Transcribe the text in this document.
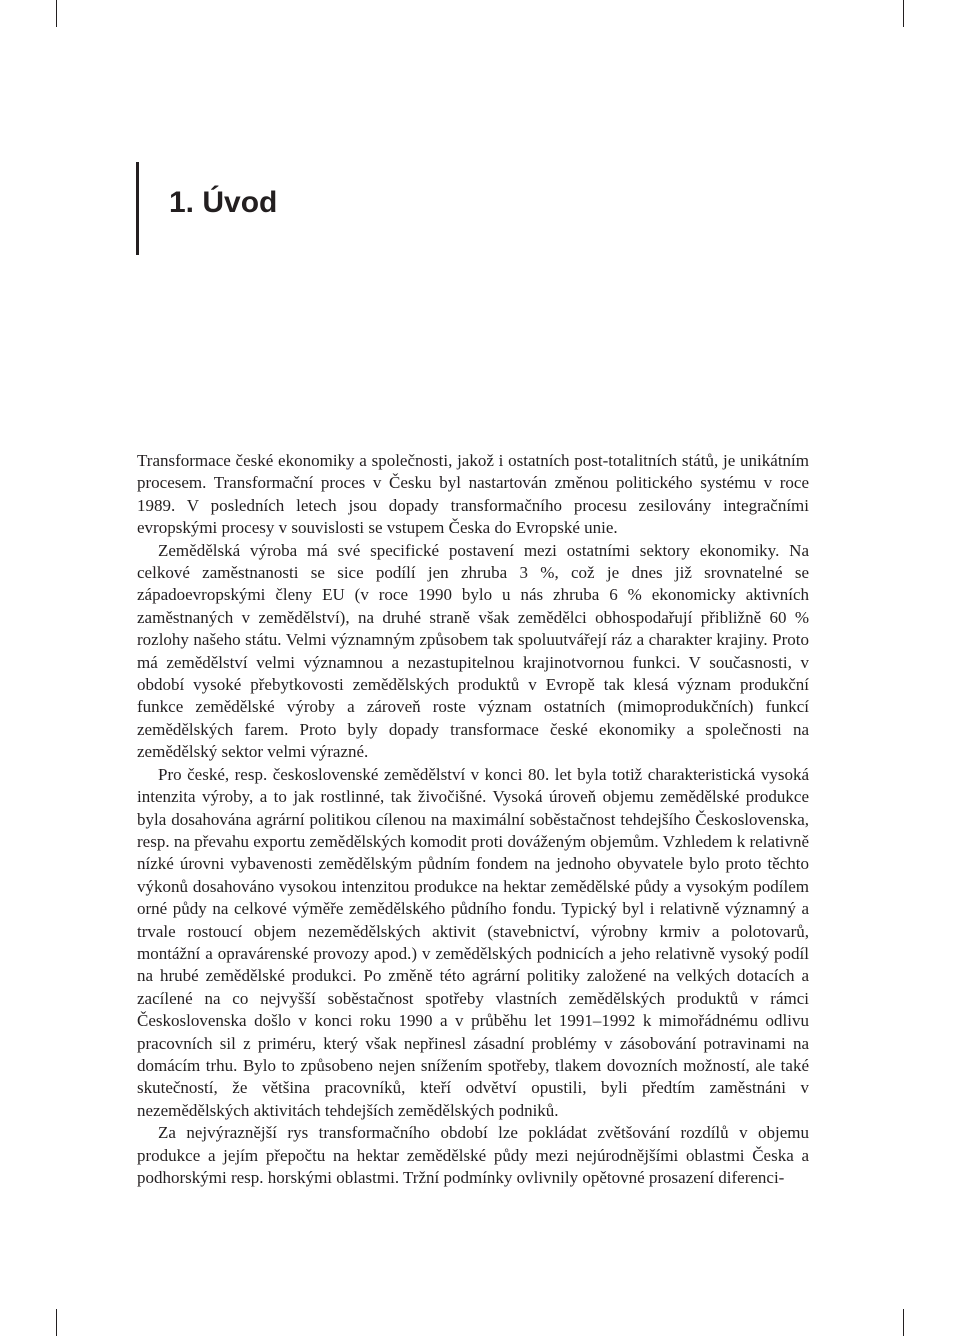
1. Úvod

Transformace české ekonomiky a společnosti, jakož i ostatních post-totalitních států, je unikátním procesem. Transformační proces v Česku byl nastartován změnou politického systému v roce 1989. V posledních letech jsou dopady transformačního procesu zesilovány integračními evropskými procesy v souvislosti se vstupem Česka do Evropské unie.

Zemědělská výroba má své specifické postavení mezi ostatními sektory ekonomiky. Na celkové zaměstnanosti se sice podílí jen zhruba 3 %, což je dnes již srovnatelné se západoevropskými členy EU (v roce 1990 bylo u nás zhruba 6 % ekonomicky aktivních zaměstnaných v zemědělství), na druhé straně však zemědělci obhospodařují přibližně 60 % rozlohy našeho státu. Velmi významným způsobem tak spoluutvářejí ráz a charakter krajiny. Proto má zemědělství velmi významnou a nezastupitelnou krajinotvornou funkci. V současnosti, v období vysoké přebytkovosti zemědělských produktů v Evropě tak klesá význam produkční funkce zemědělské výroby a zároveň roste význam ostatních (mimoprodukčních) funkcí zemědělských farem. Proto byly dopady transformace české ekonomiky a společnosti na zemědělský sektor velmi výrazné.

Pro české, resp. československé zemědělství v konci 80. let byla totiž charakteristická vysoká intenzita výroby, a to jak rostlinné, tak živočišné. Vysoká úroveň objemu zemědělské produkce byla dosahována agrární politikou cílenou na maximální soběstačnost tehdejšího Československa, resp. na převahu exportu zemědělských komodit proti dováženým objemům. Vzhledem k relativně nízké úrovni vybavenosti zemědělským půdním fondem na jednoho obyvatele bylo proto těchto výkonů dosahováno vysokou intenzitou produkce na hektar zemědělské půdy a vysokým podílem orné půdy na celkové výměře zemědělského půdního fondu. Typický byl i relativně významný a trvale rostoucí objem nezemědělských aktivit (stavebnictví, výrobny krmiv a polotovarů, montážní a opravárenské provozy apod.) v zemědělských podnicích a jeho relativně vysoký podíl na hrubé zemědělské produkci. Po změně této agrární politiky založené na velkých dotacích a zacílené na co nejvyšší soběstačnost spotřeby vlastních zemědělských produktů v rámci Československa došlo v konci roku 1990 a v průběhu let 1991–1992 k mimořádnému odlivu pracovních sil z priméru, který však nepřinesl zásadní problémy v zásobování potravinami na domácím trhu. Bylo to způsobeno nejen snížením spotřeby, tlakem dovozních možností, ale také skutečností, že většina pracovníků, kteří odvětví opustili, byli předtím zaměstnáni v nezemědělských aktivitách tehdejších zemědělských podniků.

Za nejvýraznější rys transformačního období lze pokládat zvětšování rozdílů v objemu produkce a jejím přepočtu na hektar zemědělské půdy mezi nejúrodnějšími oblastmi Česka a podhorskými resp. horskými oblastmi. Tržní podmínky ovlivnily opětovné prosazení diferenci-
